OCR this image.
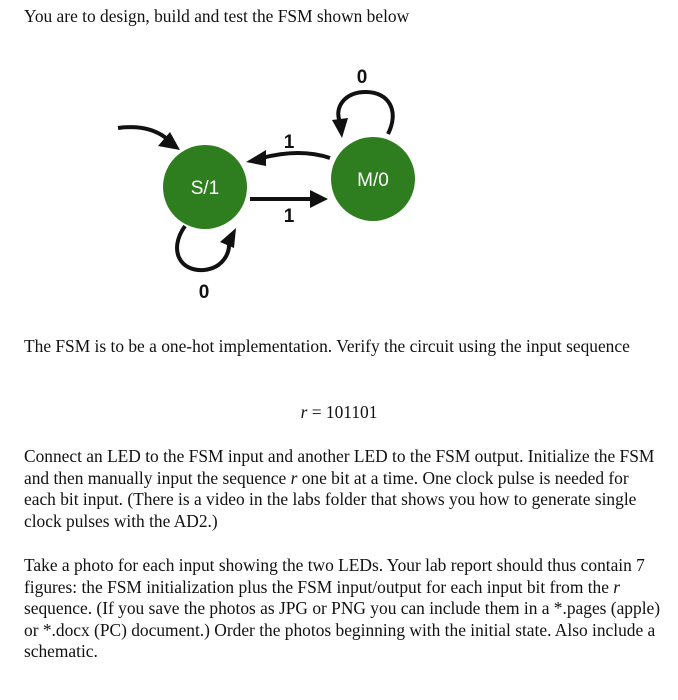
You are to design, build and test the FSM shown below

S/1	M/0
0
1
1
0

The FSM is to be a one-hot implementation. Verify the circuit using the input sequence

r = 101101

Connect an LED to the FSM input and another LED to the FSM output. Initialize the FSM and then manually input the sequence r one bit at a time. One clock pulse is needed for each bit input. (There is a video in the labs folder that shows you how to generate single clock pulses with the AD2.)

Take a photo for each input showing the two LEDs. Your lab report should thus contain 7 figures: the FSM initialization plus the FSM input/output for each input bit from the r sequence. (If you save the photos as JPG or PNG you can include them in a *.pages (apple) or *.docx (PC) document.) Order the photos beginning with the initial state. Also include a schematic.
